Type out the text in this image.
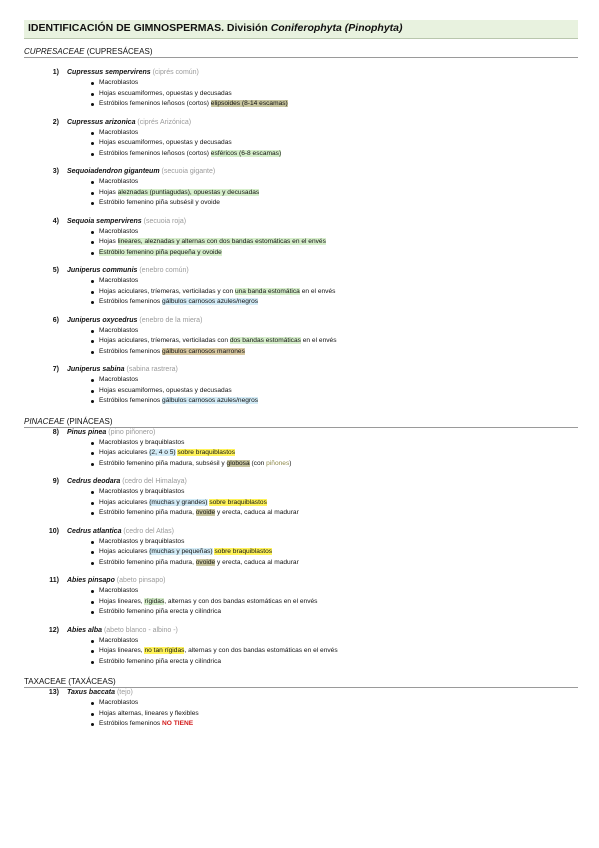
IDENTIFICACIÓN DE GIMNOSPERMAS. División Coniferophyta (Pinophyta)
CUPRESACEAE (CUPRESÁCEAS)
1) Cupressus sempervirens (ciprés común)
Macroblastos
Hojas escuamiformes, opuestas y decusadas
Estróbilos femeninos leñosos (cortos) elipsoides (8-14 escamas)
2) Cupressus arizonica (ciprés Arizónica)
Macroblastos
Hojas escuamiformes, opuestas y decusadas
Estróbilos femeninos leñosos (cortos) esféricos (6-8 escamas)
3) Sequoiadendron giganteum (secuoia gigante)
Macroblastos
Hojas aleznadas (puntiagudas), opuestas y decusadas
Estróbilo femenino piña subsésil y ovoide
4) Sequoia sempervirens (secuoia roja)
Macroblastos
Hojas lineares, aleznadas y alternas con dos bandas estomáticas en el envés
Estróbilo femenino piña pequeña y ovoide
5) Juniperus communis (enebro común)
Macroblastos
Hojas aciculares, tríemeras, verticiladas y con una banda estomática en el envés
Estróbilos femeninos gálbulos carnosos azules/negros
6) Juniperus oxycedrus (enebro de la miera)
Macroblastos
Hojas aciculares, tríemeras, verticiladas con dos bandas estomáticas en el envés
Estróbilos femeninos gálbulos carnosos marrones
7) Juniperus sabina (sabina rastrera)
Macroblastos
Hojas escuamiformes, opuestas y decusadas
Estróbilos femeninos gálbulos carnosos azules/negros
PINACEAE (PINÁCEAS)
8) Pinus pinea (pino piñonero)
Macroblastos y braquiblastos
Hojas aciculares (2, 4 o 5) sobre braquiblastos
Estróbilo femenino piña madura, subsésil y globosa (con piñones)
9) Cedrus deodara (cedro del Himalaya)
Macroblastos y braquiblastos
Hojas aciculares (muchas y grandes) sobre braquiblastos
Estróbilo femenino piña madura, ovoide y erecta, caduca al madurar
10) Cedrus atlantica (cedro del Atlas)
Macroblastos y braquiblastos
Hojas aciculares (muchas y pequeñas) sobre braquiblastos
Estróbilo femenino piña madura, ovoide y erecta, caduca al madurar
11) Abies pinsapo (abeto pinsapo)
Macroblastos
Hojas lineares, rígidas, alternas y con dos bandas estomáticas en el envés
Estróbilo femenino piña erecta y cilíndrica
12) Abies alba (abeto blanco - albino -)
Macroblastos
Hojas lineares, no tan rígidas, alternas y con dos bandas estomáticas en el envés
Estróbilo femenino piña erecta y cilíndrica
TAXACEAE (TAXÁCEAS)
13) Taxus baccata (tejo)
Macroblastos
Hojas alternas, lineares y flexibles
Estróbilos femeninos NO TIENE
